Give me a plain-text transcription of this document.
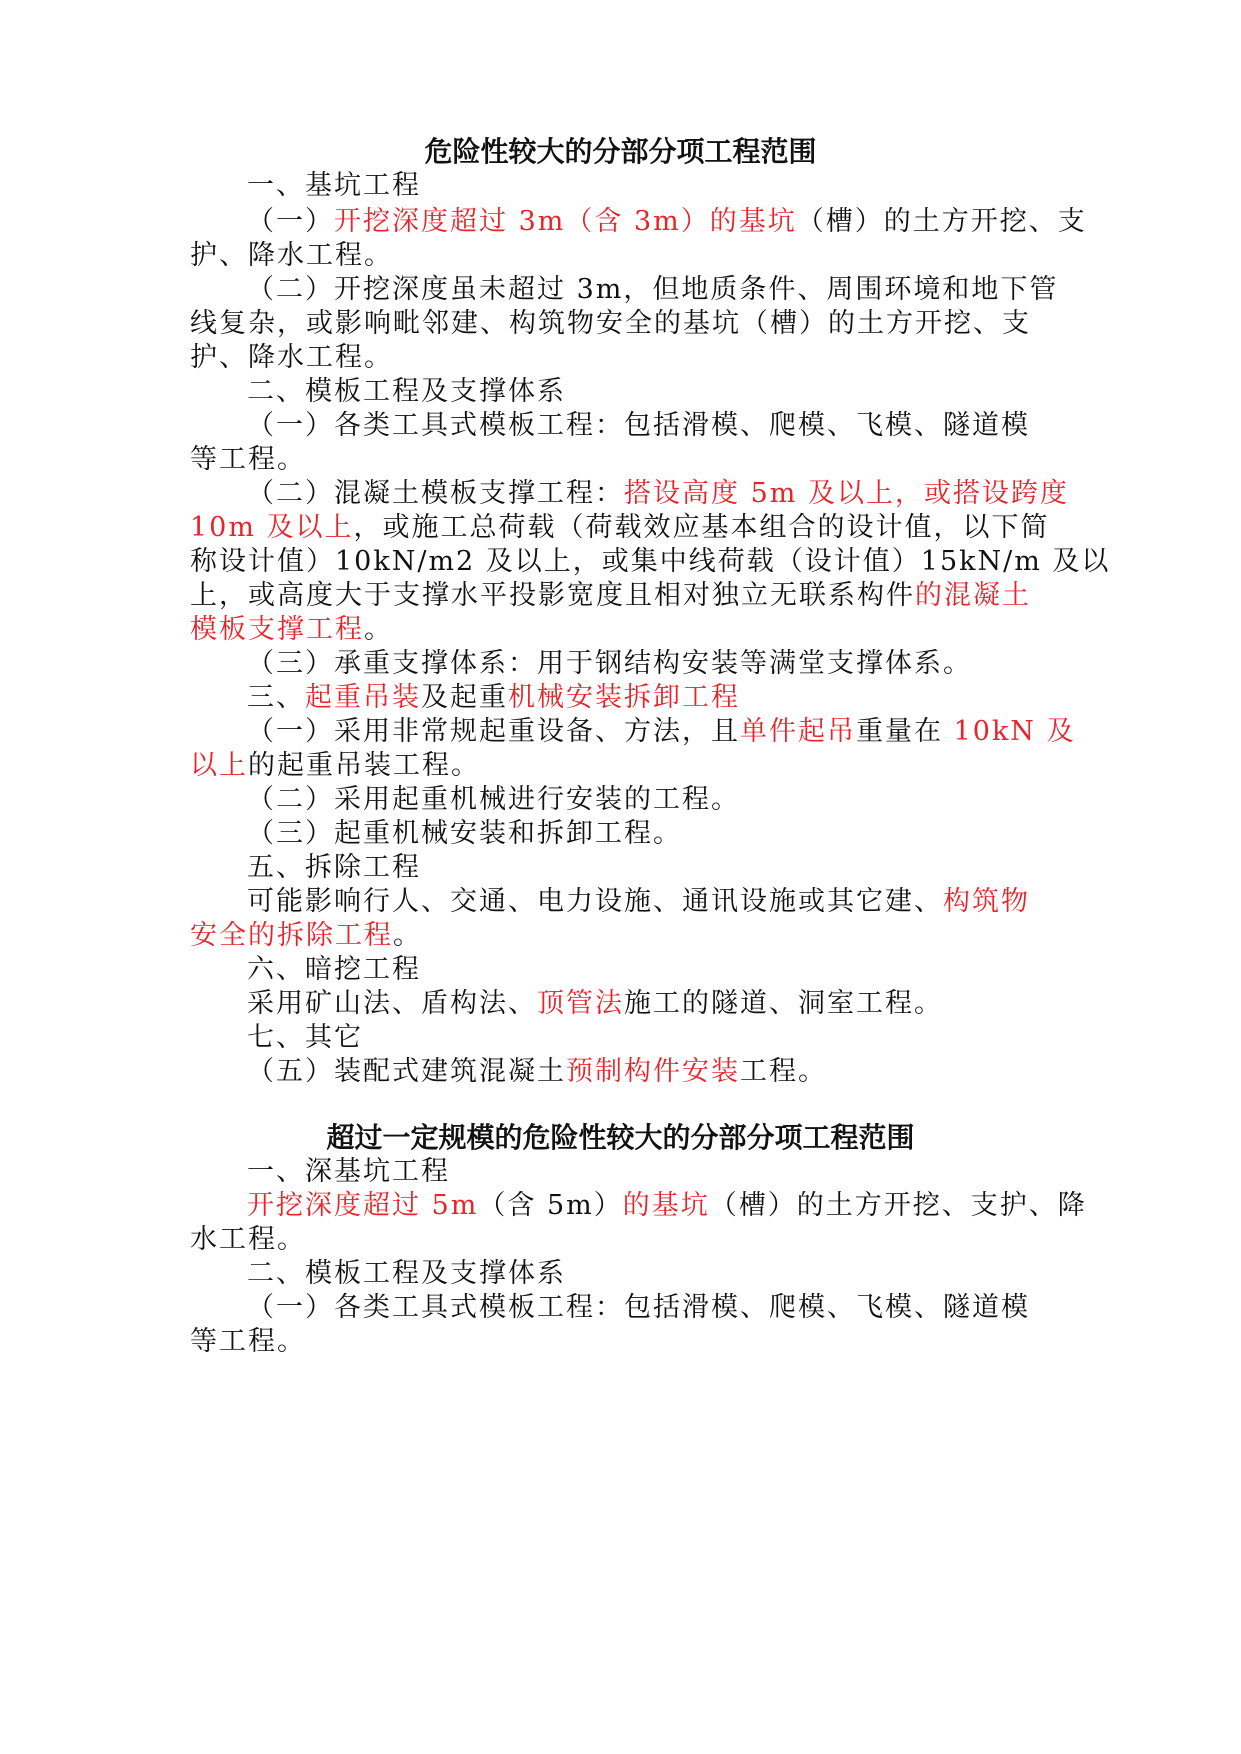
危险性较大的分部分项工程范围
一、基坑工程
（一）开挖深度超过 3m（含 3m）的基坑（槽）的土方开挖、支
护、降水工程。
（二）开挖深度虽未超过 3m，但地质条件、周围环境和地下管
线复杂，或影响毗邻建、构筑物安全的基坑（槽）的土方开挖、支
护、降水工程。
二、模板工程及支撑体系
（一）各类工具式模板工程：包括滑模、爬模、飞模、隧道模
等工程。
（二）混凝土模板支撑工程：搭设高度 5m 及以上，或搭设跨度
10m 及以上，或施工总荷载（荷载效应基本组合的设计值，以下简
称设计值）10kN/m2 及以上，或集中线荷载（设计值）15kN/m 及以
上，或高度大于支撑水平投影宽度且相对独立无联系构件的混凝土
模板支撑工程。
（三）承重支撑体系：用于钢结构安装等满堂支撑体系。
三、起重吊装及起重机械安装拆卸工程
（一）采用非常规起重设备、方法，且单件起吊重量在 10kN 及
以上的起重吊装工程。
（二）采用起重机械进行安装的工程。
（三）起重机械安装和拆卸工程。
五、拆除工程
可能影响行人、交通、电力设施、通讯设施或其它建、构筑物
安全的拆除工程。
六、暗挖工程
采用矿山法、盾构法、顶管法施工的隧道、洞室工程。
七、其它
（五）装配式建筑混凝土预制构件安装工程。
超过一定规模的危险性较大的分部分项工程范围
一、深基坑工程
开挖深度超过 5m（含 5m）的基坑（槽）的土方开挖、支护、降
水工程。
二、模板工程及支撑体系
（一）各类工具式模板工程：包括滑模、爬模、飞模、隧道模
等工程。
